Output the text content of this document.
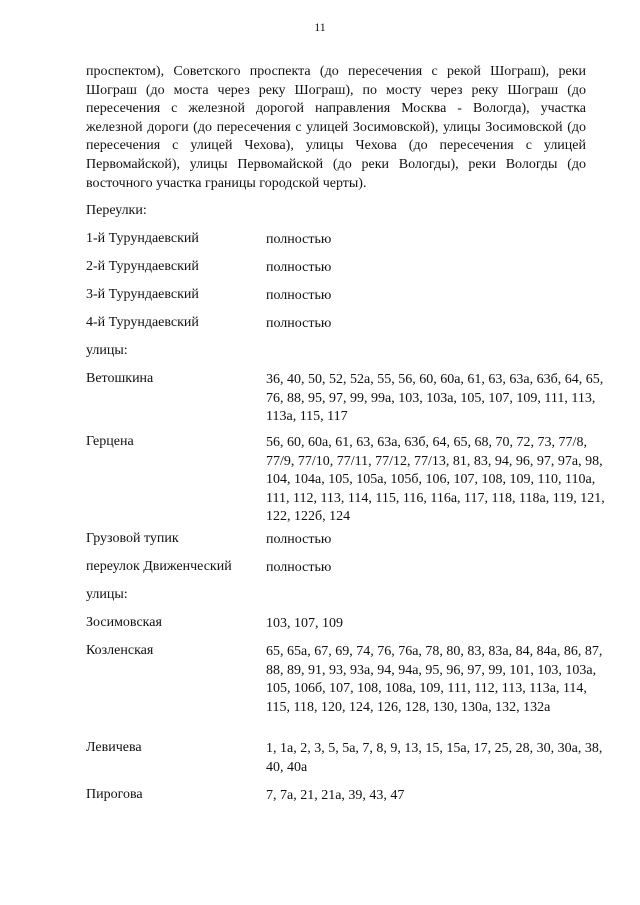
11

проспектом), Советского проспекта (до пересечения с рекой Шограш), реки Шограш (до моста через реку Шограш), по мосту через реку Шограш (до пересечения с железной дорогой направления Москва - Вологда), участка железной дороги (до пересечения с улицей Зосимовской), улицы Зосимовской (до пересечения с улицей Чехова), улицы Чехова (до пересечения с улицей Первомайской), улицы Первомайской (до реки Вологды), реки Вологды (до восточного участка границы городской черты).

Переулки:
1-й Турундаевский	полностью
2-й Турундаевский	полностью
3-й Турундаевский	полностью
4-й Турундаевский	полностью
улицы:
Ветошкина	36, 40, 50, 52, 52а, 55, 56, 60, 60а, 61, 63, 63а, 63б, 64, 65, 76, 88, 95, 97, 99, 99а, 103, 103а, 105, 107, 109, 111, 113, 113а, 115, 117
Герцена	56, 60, 60а, 61, 63, 63а, 63б, 64, 65, 68, 70, 72, 73, 77/8, 77/9, 77/10, 77/11, 77/12, 77/13, 81, 83, 94, 96, 97, 97а, 98, 104, 104а, 105, 105а, 105б, 106, 107, 108, 109, 110, 110а, 111, 112, 113, 114, 115, 116, 116а, 117, 118, 118а, 119, 121, 122, 122б, 124
Грузовой тупик	полностью
переулок Движенческий	полностью
улицы:
Зосимовская	103, 107, 109
Козленская	65, 65а, 67, 69, 74, 76, 76а, 78, 80, 83, 83а, 84, 84а, 86, 87, 88, 89, 91, 93, 93а, 94, 94а, 95, 96, 97, 99, 101, 103, 103а, 105, 106б, 107, 108, 108а, 109, 111, 112, 113, 113а, 114, 115, 118, 120, 124, 126, 128, 130, 130а, 132, 132а
Левичева	1, 1а, 2, 3, 5, 5а, 7, 8, 9, 13, 15, 15а, 17, 25, 28, 30, 30а, 38, 40, 40а
Пирогова	7, 7а, 21, 21а, 39, 43, 47
